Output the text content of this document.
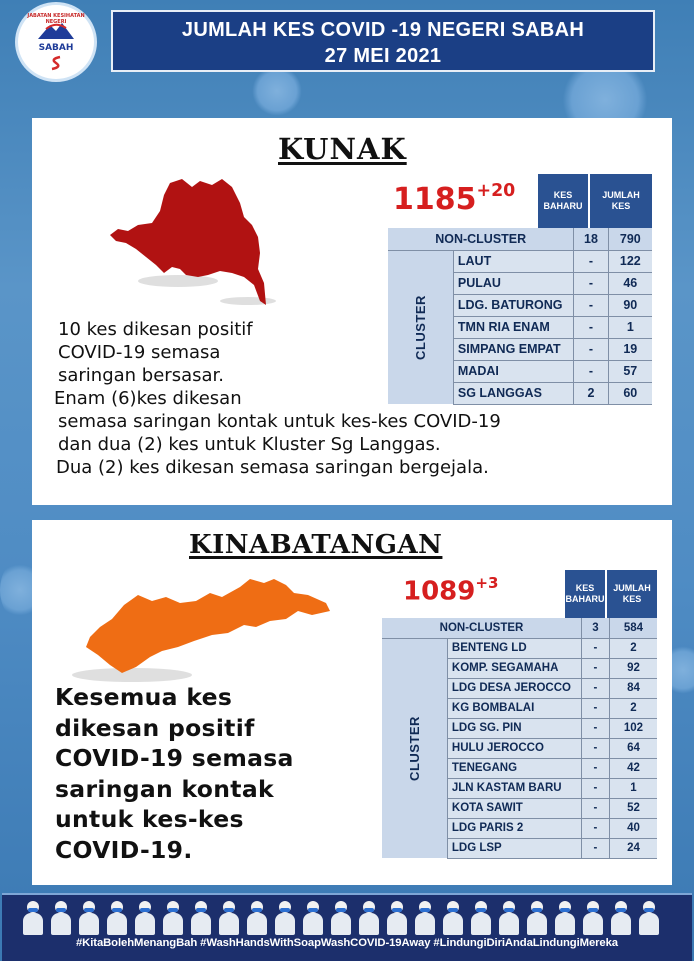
JABATAN KESIHATAN NEGERI
SABAH
JUMLAH KES COVID -19 NEGERI SABAH
27 MEI 2021
KUNAK
$1185^{+20}$	KES BAHARU
JUMLAH KES
NON-CLUSTER		18	790
CLUSTER	LAUT	-	122
	PULAU	-	46
	LDG. BATURONG	-	90
	TMN RIA ENAM	-	1
	SIMPANG EMPAT	-	19
	MADAI	-	57
	SG LANGGAS	2	60
10 kes dikesan positif
COVID-19 semasa
saringan bersasar.
Enam (6)kes dikesan
semasa saringan kontak untuk kes-kes COVID-19
dan dua (2) kes untuk Kluster Sg Langgas.
Dua (2) kes dikesan semasa saringan bergejala.
KINABATANGAN
$1089^{+3}$	KES BAHARU
JUMLAH KES
NON-CLUSTER		3	584
CLUSTER	BENTENG LD	-	2
	KOMP. SEGAMAHA	-	92
	LDG DESA JEROCCO	-	84
	KG BOMBALAI	-	2
	LDG SG. PIN	-	102
	HULU JEROCCO	-	64
	TENEGANG	-	42
	JLN KASTAM BARU	-	1
	KOTA SAWIT	-	52
	LDG PARIS 2	-	40
	LDG LSP	-	24
Kesemua kes
dikesan positif
COVID-19 semasa
saringan kontak
untuk kes-kes
COVID-19.
#KitaBolehMenangBah #WashHandsWithSoapWashCOVID-19Away #LindungiDiriAndaLindungiMereka
